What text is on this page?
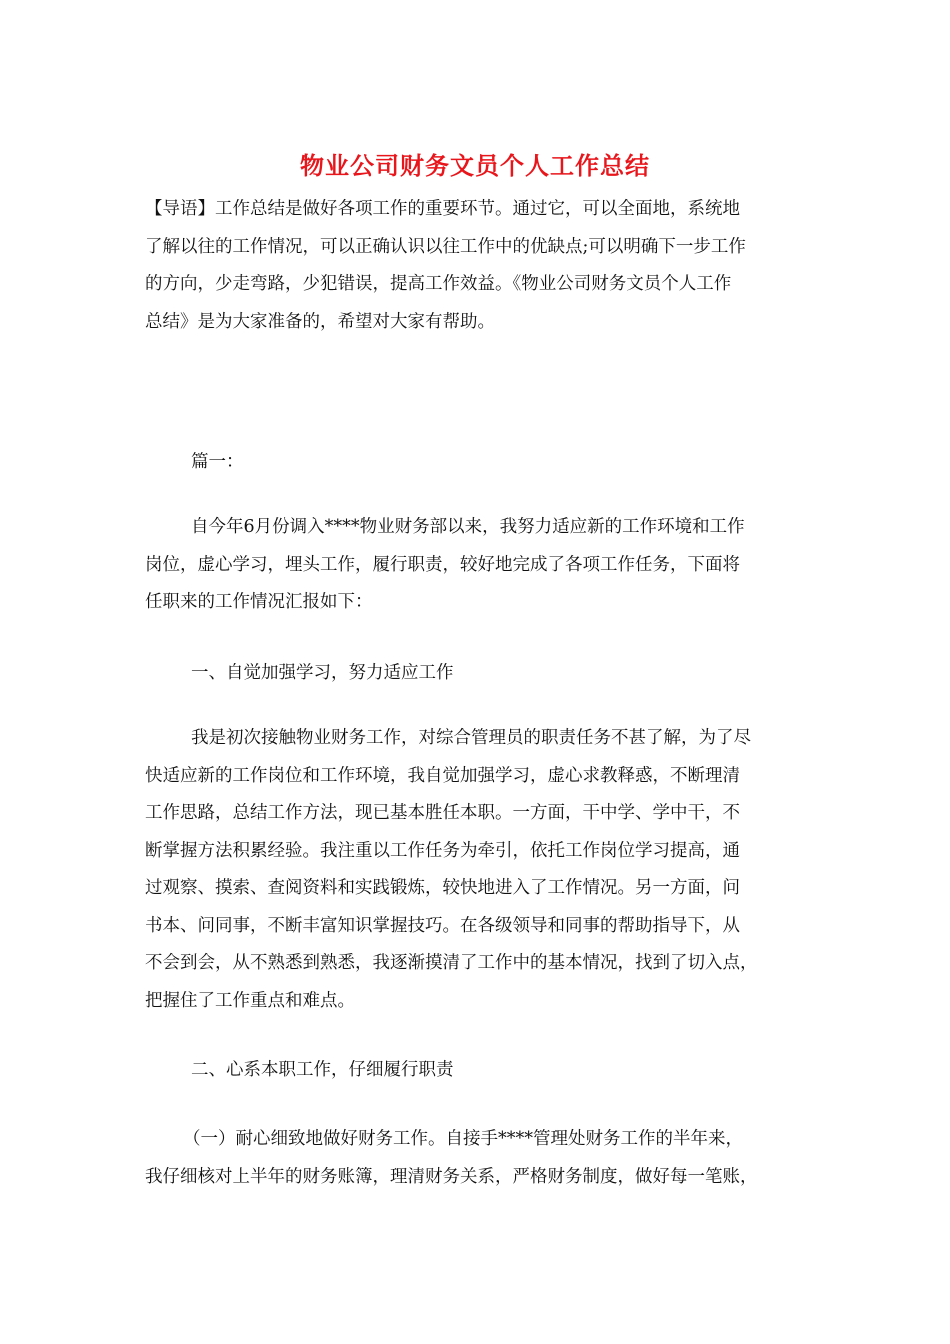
物业公司财务文员个人工作总结
【导语】工作总结是做好各项工作的重要环节。通过它，可以全面地，系统地
了解以往的工作情况，可以正确认识以往工作中的优缺点;可以明确下一步工作
的方向，少走弯路，少犯错误，提高工作效益。《物业公司财务文员个人工作
总结》是为大家准备的，希望对大家有帮助。
篇一：
自今年6月份调入****物业财务部以来，我努力适应新的工作环境和工作
岗位，虚心学习，埋头工作，履行职责，较好地完成了各项工作任务，下面将
任职来的工作情况汇报如下：
一、自觉加强学习，努力适应工作
我是初次接触物业财务工作，对综合管理员的职责任务不甚了解，为了尽
快适应新的工作岗位和工作环境，我自觉加强学习，虚心求教释惑，不断理清
工作思路，总结工作方法，现已基本胜任本职。一方面，干中学、学中干，不
断掌握方法积累经验。我注重以工作任务为牵引，依托工作岗位学习提高，通
过观察、摸索、查阅资料和实践锻炼，较快地进入了工作情况。另一方面，问
书本、问同事，不断丰富知识掌握技巧。在各级领导和同事的帮助指导下，从
不会到会，从不熟悉到熟悉，我逐渐摸清了工作中的基本情况，找到了切入点，
把握住了工作重点和难点。
二、心系本职工作，仔细履行职责
（一）耐心细致地做好财务工作。自接手****管理处财务工作的半年来，
我仔细核对上半年的财务账簿，理清财务关系，严格财务制度，做好每一笔账，
